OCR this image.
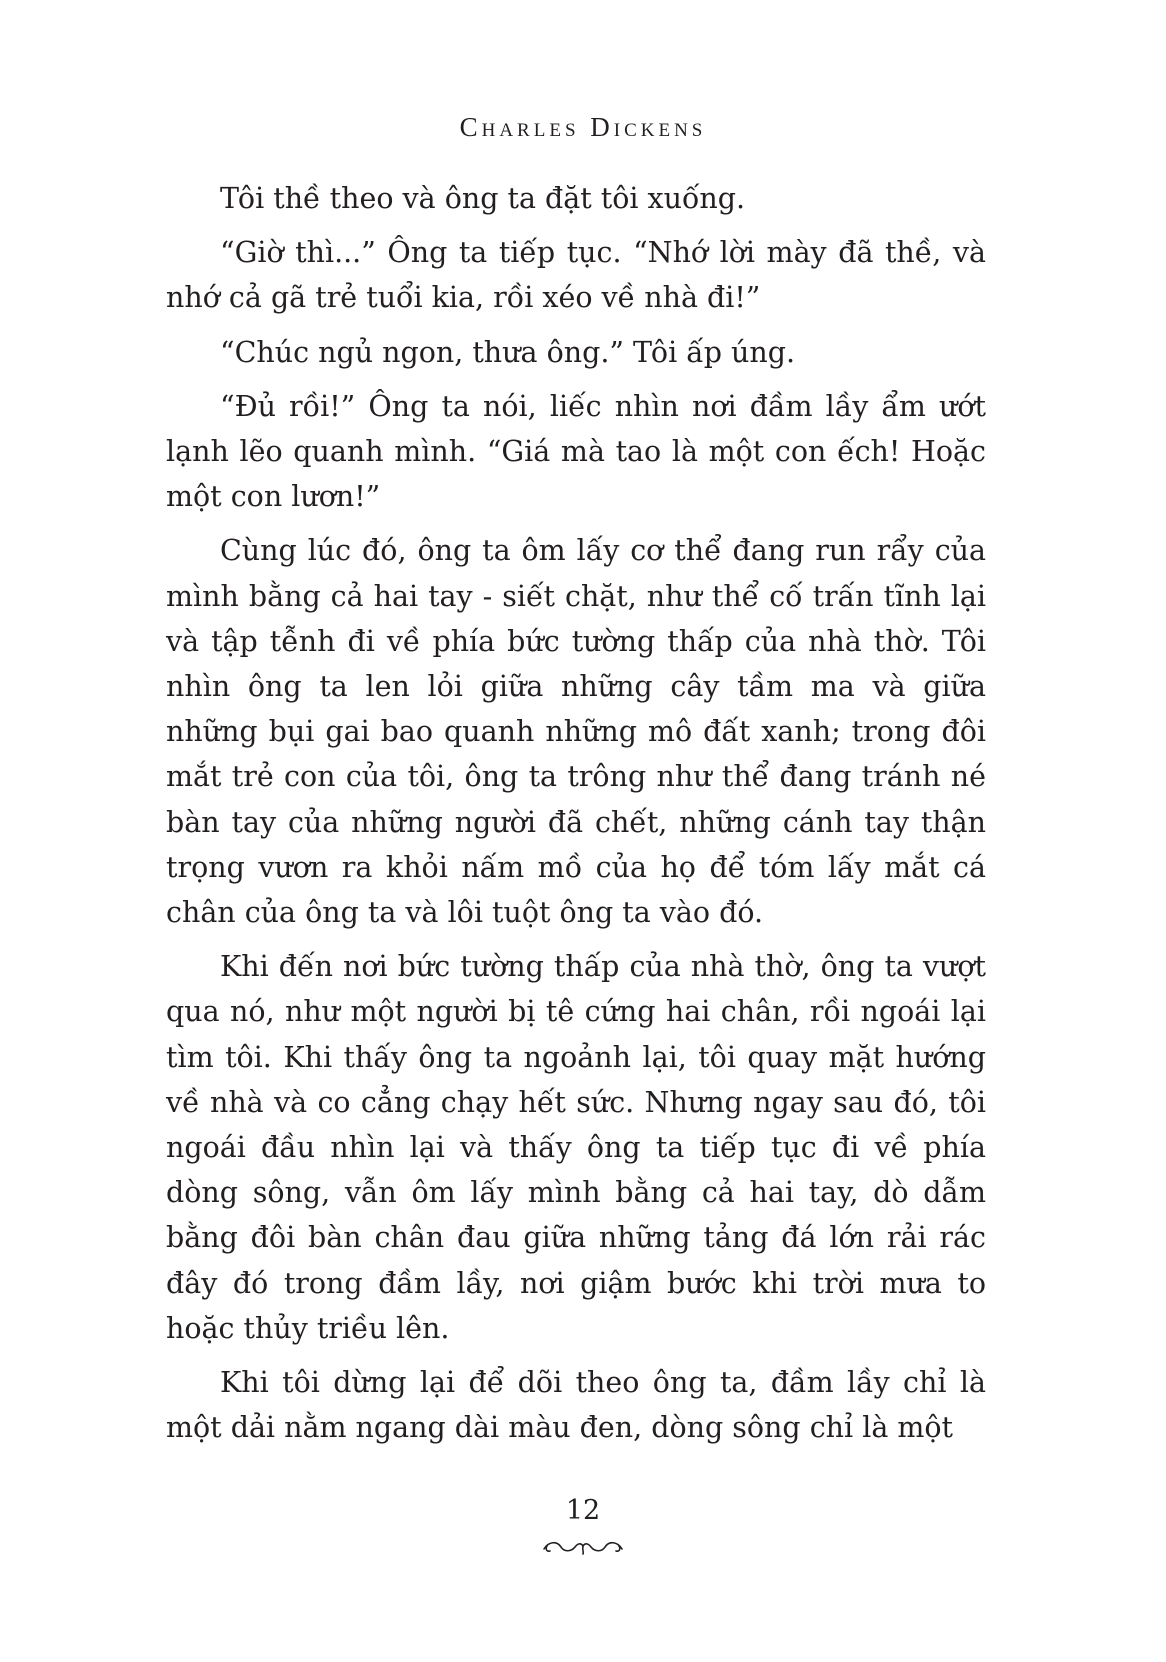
Charles Dickens

Tôi thề theo và ông ta đặt tôi xuống.

“Giờ thì...” Ông ta tiếp tục. “Nhớ lời mày đã thề, và nhớ cả gã trẻ tuổi kia, rồi xéo về nhà đi!”

“Chúc ngủ ngon, thưa ông.” Tôi ấp úng.

“Đủ rồi!” Ông ta nói, liếc nhìn nơi đầm lầy ẩm ướt lạnh lẽo quanh mình. “Giá mà tao là một con ếch! Hoặc một con lươn!”

Cùng lúc đó, ông ta ôm lấy cơ thể đang run rẩy của mình bằng cả hai tay - siết chặt, như thể cố trấn tĩnh lại và tập tễnh đi về phía bức tường thấp của nhà thờ. Tôi nhìn ông ta len lỏi giữa những cây tầm ma và giữa những bụi gai bao quanh những mô đất xanh; trong đôi mắt trẻ con của tôi, ông ta trông như thể đang tránh né bàn tay của những người đã chết, những cánh tay thận trọng vươn ra khỏi nấm mồ của họ để tóm lấy mắt cá chân của ông ta và lôi tuột ông ta vào đó.

Khi đến nơi bức tường thấp của nhà thờ, ông ta vượt qua nó, như một người bị tê cứng hai chân, rồi ngoái lại tìm tôi. Khi thấy ông ta ngoảnh lại, tôi quay mặt hướng về nhà và co cẳng chạy hết sức. Nhưng ngay sau đó, tôi ngoái đầu nhìn lại và thấy ông ta tiếp tục đi về phía dòng sông, vẫn ôm lấy mình bằng cả hai tay, dò dẫm bằng đôi bàn chân đau giữa những tảng đá lớn rải rác đây đó trong đầm lầy, nơi giậm bước khi trời mưa to hoặc thủy triều lên.

Khi tôi dừng lại để dõi theo ông ta, đầm lầy chỉ là một dải nằm ngang dài màu đen, dòng sông chỉ là một

12
